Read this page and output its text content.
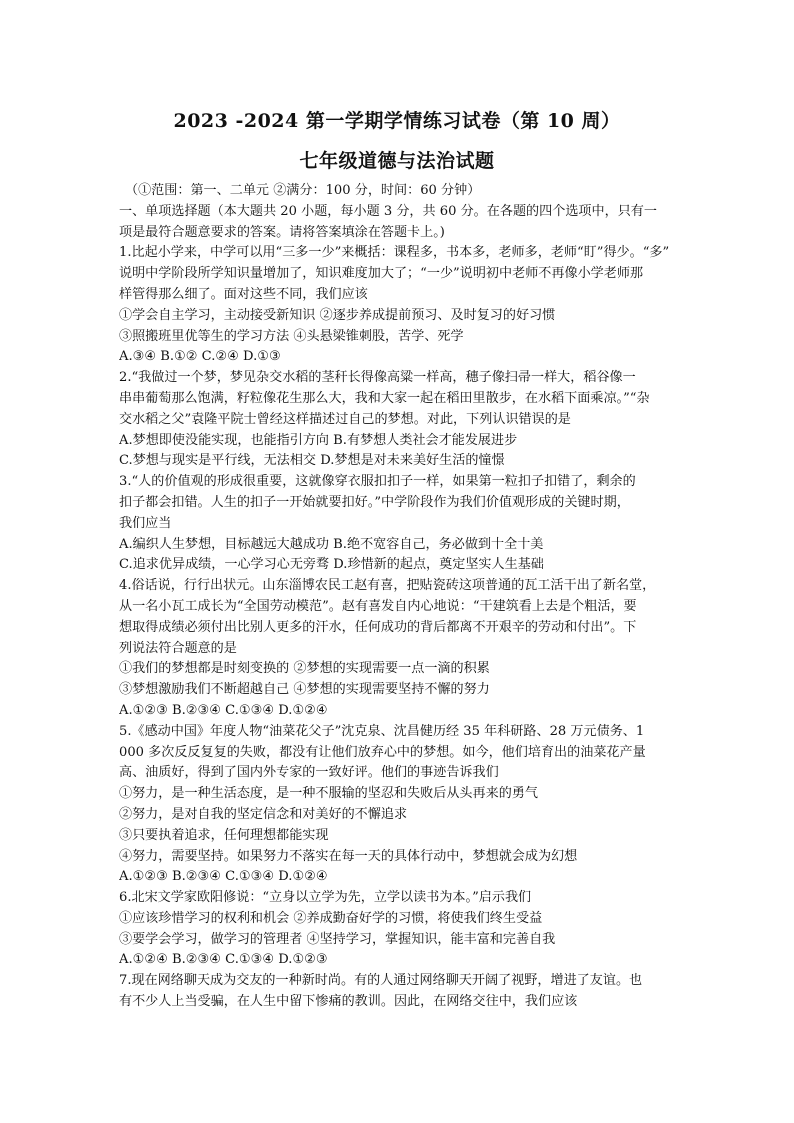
2023 -2024 第一学期学情练习试卷（第 10 周）
七年级道德与法治试题
（①范围：第一、二单元 ②满分：100 分，时间：60 分钟）
一、单项选择题（本大题共 20 小题，每小题 3 分，共 60 分。在各题的四个选项中，只有一
项是最符合题意要求的答案。请将答案填涂在答题卡上。)
1.比起小学来，中学可以用“三多一少”来概括：课程多，书本多，老师多，老师“盯”得少。“多”
说明中学阶段所学知识量增加了，知识难度加大了；“一少”说明初中老师不再像小学老师那
样管得那么细了。面对这些不同，我们应该
①学会自主学习，主动接受新知识 ②逐步养成提前预习、及时复习的好习惯
③照搬班里优等生的学习方法 ④头悬梁锥刺股，苦学、死学
A.③④ B.①② C.②④ D.①③
2.“我做过一个梦，梦见杂交水稻的茎秆长得像高粱一样高，穗子像扫帚一样大，稻谷像一
串串葡萄那么饱满，籽粒像花生那么大，我和大家一起在稻田里散步，在水稻下面乘凉。”“杂
交水稻之父”袁隆平院士曾经这样描述过自己的梦想。对此，下列认识错误的是
A.梦想即使没能实现，也能指引方向 B.有梦想人类社会才能发展进步
C.梦想与现实是平行线，无法相交 D.梦想是对未来美好生活的憧憬
3.“人的价值观的形成很重要，这就像穿衣服扣扣子一样，如果第一粒扣子扣错了，剩余的
扣子都会扣错。人生的扣子一开始就要扣好。”中学阶段作为我们价值观形成的关键时期，
我们应当
A.编织人生梦想，目标越远大越成功 B.绝不宽容自己，务必做到十全十美
C.追求优异成绩，一心学习心无旁骛 D.珍惜新的起点，奠定坚实人生基础
4.俗话说，行行出状元。山东淄博农民工赵有喜，把贴瓷砖这项普通的瓦工活干出了新名堂，
从一名小瓦工成长为“全国劳动模范”。赵有喜发自内心地说：“干建筑看上去是个粗活，要
想取得成绩必须付出比别人更多的汗水，任何成功的背后都离不开艰辛的劳动和付出”。下
列说法符合题意的是
①我们的梦想都是时刻变换的 ②梦想的实现需要一点一滴的积累
③梦想激励我们不断超越自己 ④梦想的实现需要坚持不懈的努力
A.①②③ B.②③④ C.①③④ D.①②④
5.《感动中国》年度人物“油菜花父子”沈克泉、沈昌健历经 35 年科研路、28 万元债务、1
000 多次反反复复的失败，都没有让他们放弃心中的梦想。如今，他们培育出的油菜花产量
高、油质好，得到了国内外专家的一致好评。他们的事迹告诉我们
①努力，是一种生活态度，是一种不服输的坚忍和失败后从头再来的勇气
②努力，是对自我的坚定信念和对美好的不懈追求
③只要执着追求，任何理想都能实现
④努力，需要坚持。如果努力不落实在每一天的具体行动中，梦想就会成为幻想
A.①②③ B.②③④ C.①③④ D.①②④
6.北宋文学家欧阳修说：“立身以立学为先，立学以读书为本。”启示我们
①应该珍惜学习的权利和机会 ②养成勤奋好学的习惯，将使我们终生受益
③要学会学习，做学习的管理者 ④坚持学习，掌握知识，能丰富和完善自我
A.①②④ B.②③④ C.①③④ D.①②③
7.现在网络聊天成为交友的一种新时尚。有的人通过网络聊天开阔了视野，增进了友谊。也
有不少人上当受骗，在人生中留下惨痛的教训。因此，在网络交往中，我们应该
